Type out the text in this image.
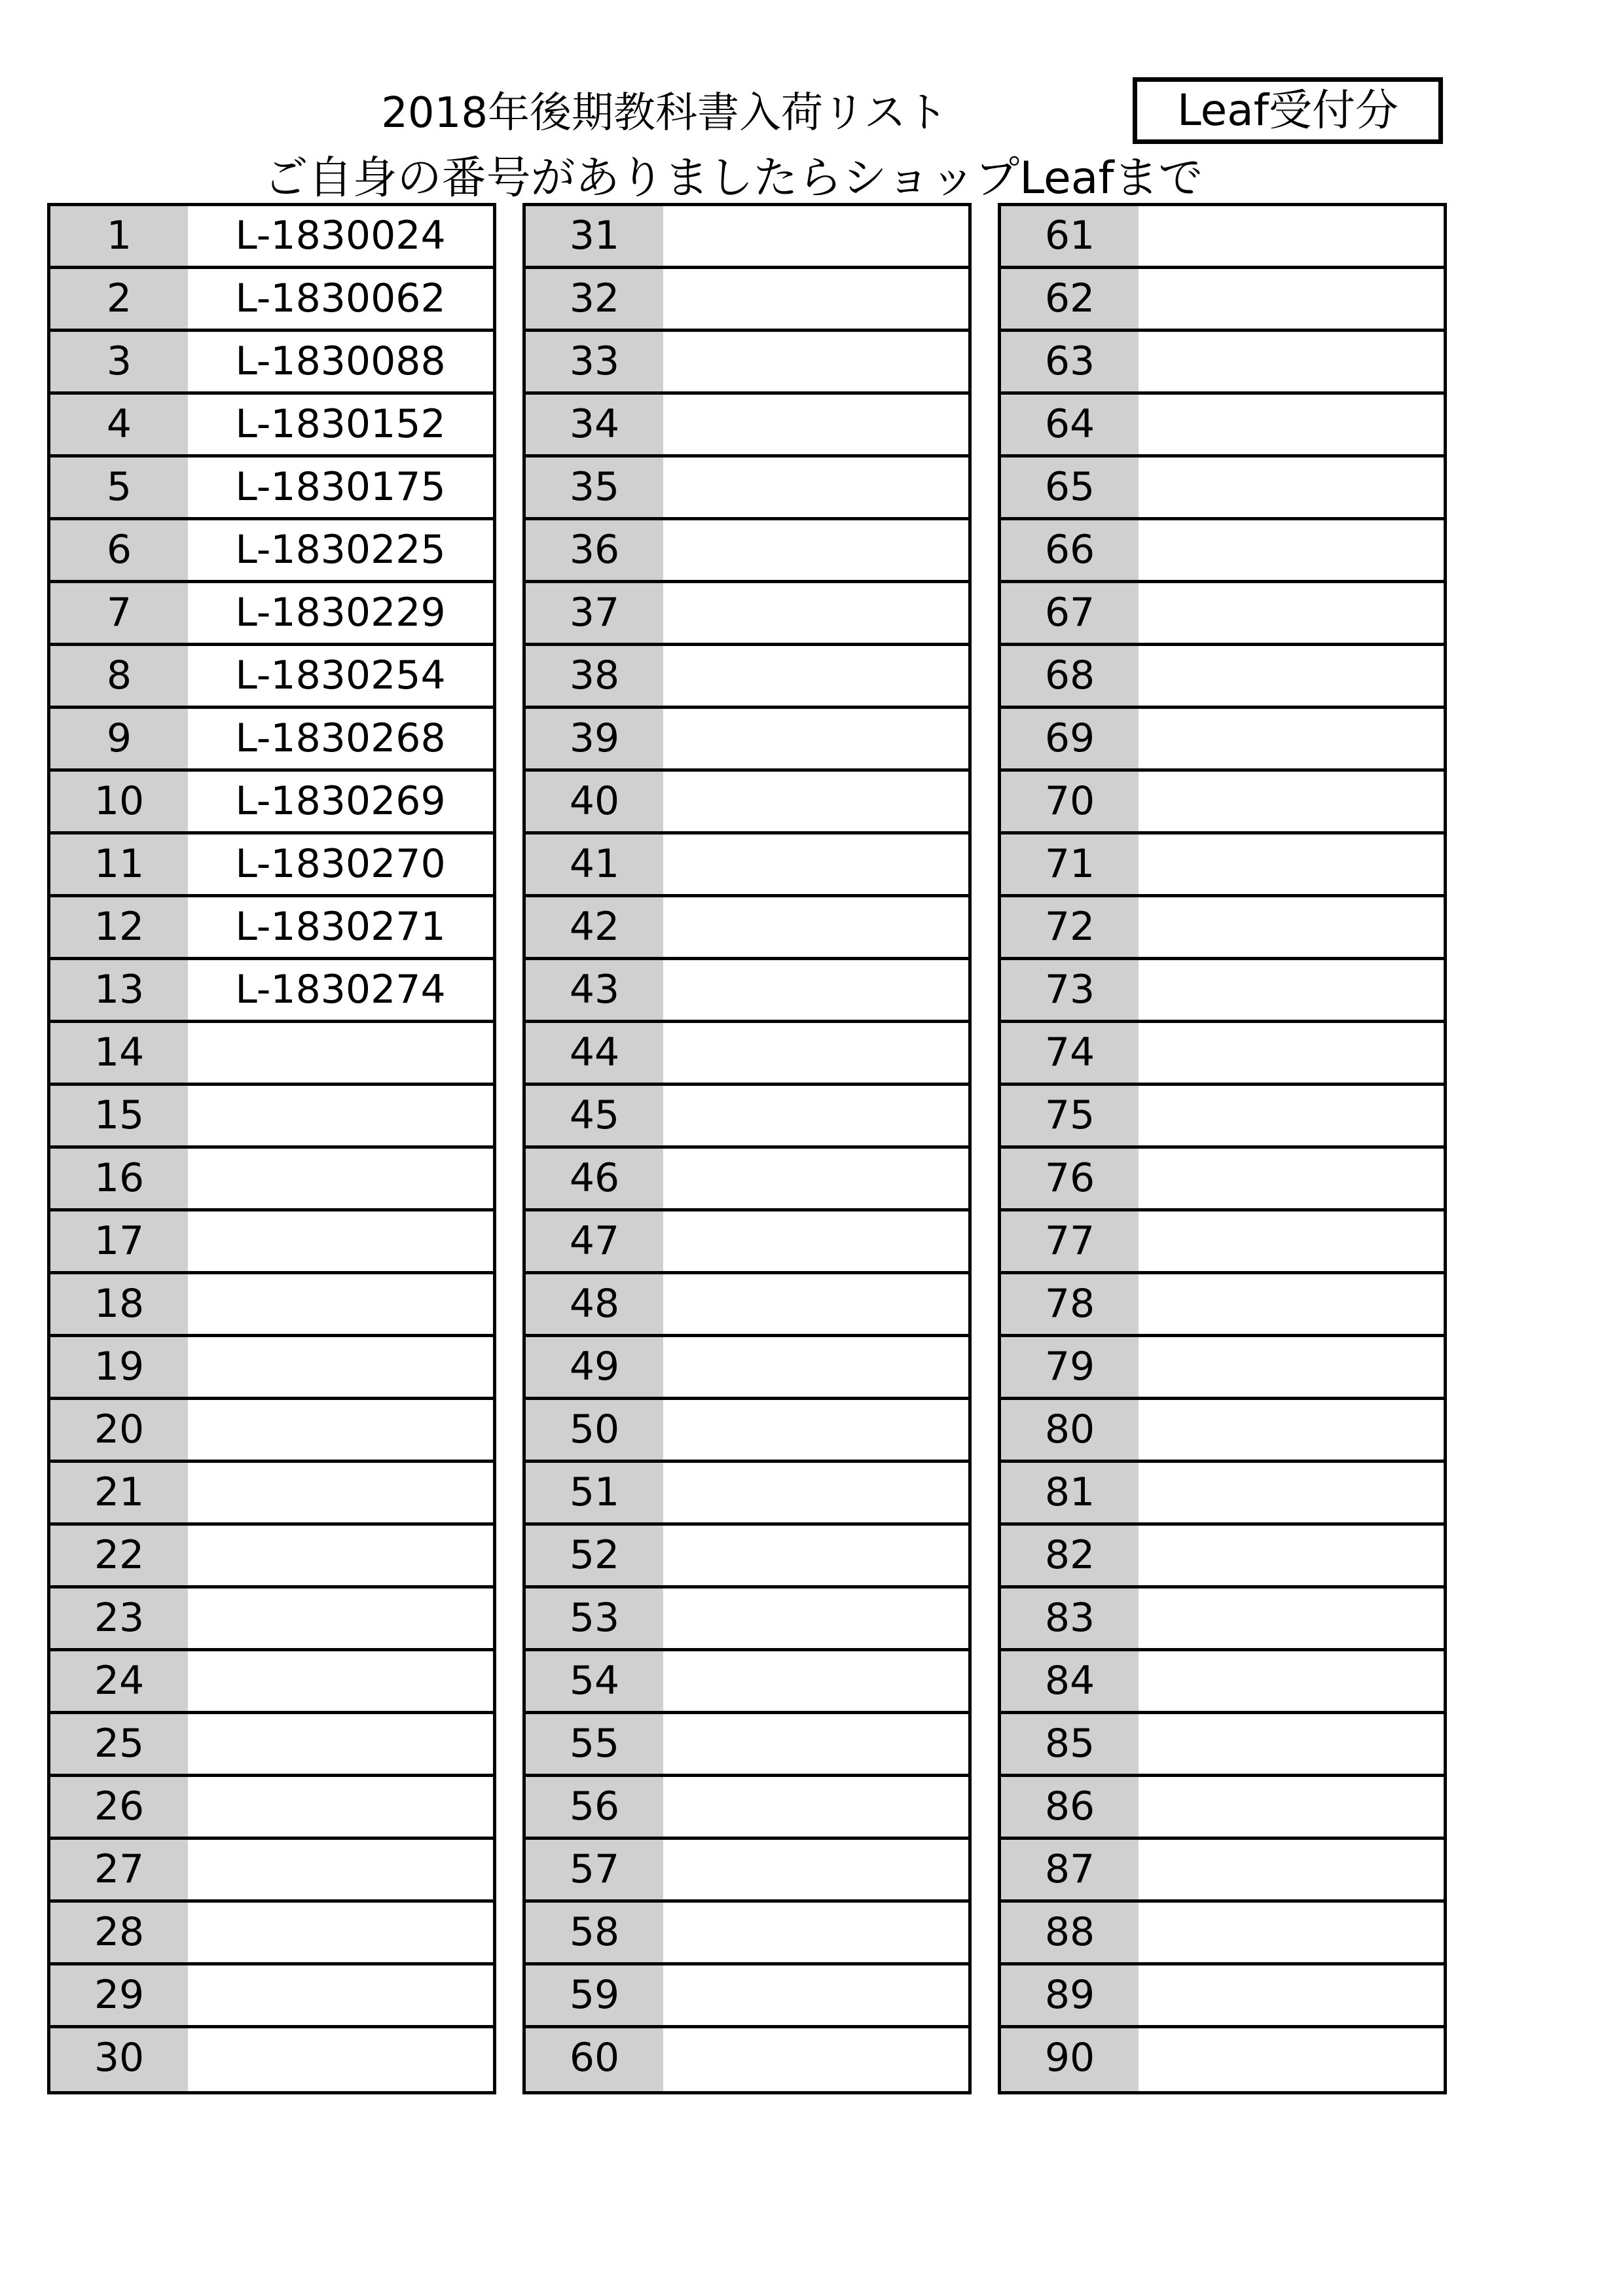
2018年後期教科書入荷リスト	Leaf受付分
ご自身の番号がありましたらショップLeafまで
1	L-1830024
2	L-1830062
3	L-1830088
4	L-1830152
5	L-1830175
6	L-1830225
7	L-1830229
8	L-1830254
9	L-1830268
10	L-1830269
11	L-1830270
12	L-1830271
13	L-1830274
14
15
16
17
18
19
20
21
22
23
24
25
26
27
28
29
30
31
32
33
34
35
36
37
38
39
40
41
42
43
44
45
46
47
48
49
50
51
52
53
54
55
56
57
58
59
60
61
62
63
64
65
66
67
68
69
70
71
72
73
74
75
76
77
78
79
80
81
82
83
84
85
86
87
88
89
90
